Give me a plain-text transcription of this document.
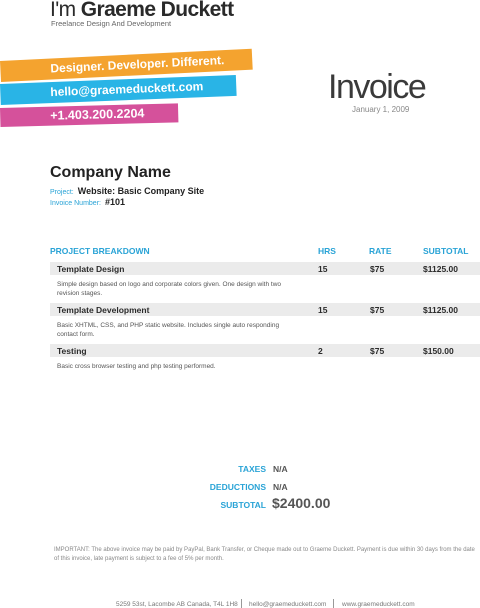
I'm Graeme Duckett
Freelance Design And Development
Designer. Developer. Different.
hello@graemeduckett.com
+1.403.200.2204
Invoice
January 1, 2009
Company Name
Project: Website: Basic Company Site
Invoice Number: #101
PROJECT BREAKDOWN	HRS	RATE	SUBTOTAL
Template Design	15	$75	$1125.00
Simple design based on logo and corporate colors given. One design with two revision stages.
Template Development	15	$75	$1125.00
Basic XHTML, CSS, and PHP static website. Includes single auto responding contact form.
Testing	2	$75	$150.00
Basic cross browser testing and php testing performed.
TAXES N/A
DEDUCTIONS N/A
SUBTOTAL $2400.00
IMPORTANT: The above invoice may be paid by PayPal, Bank Transfer, or Cheque made out to Graeme Duckett. Payment is due within 30 days from the date of this invoice, late payment is subject to a fee of 5% per month.
5259 53st, Lacombe AB Canada, T4L 1H8 hello@graemeduckett.com www.graemeduckett.com
